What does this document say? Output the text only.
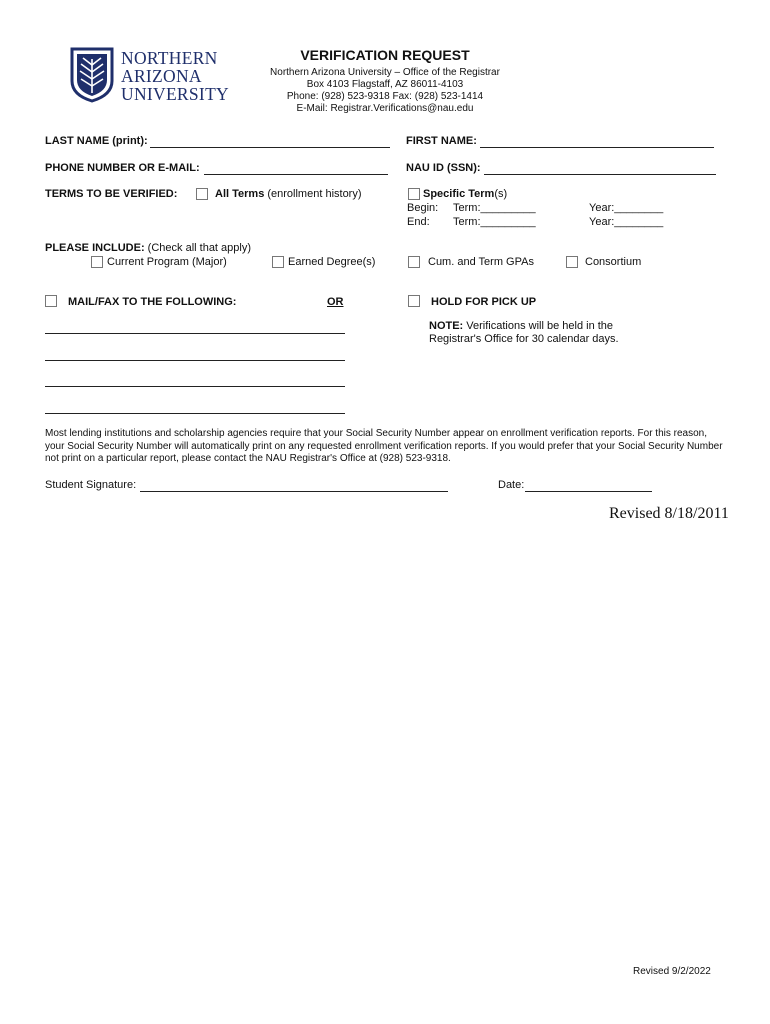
NORTHERN
ARIZONA
UNIVERSITY
VERIFICATION REQUEST
Northern Arizona University – Office of the Registrar
Box 4103 Flagstaff, AZ 86011-4103
Phone: (928) 523-9318 Fax: (928) 523-1414
E-Mail: Registrar.Verifications@nau.edu
LAST NAME (print):	FIRST NAME:
PHONE NUMBER OR E-MAIL:	NAU ID (SSN):
TERMS TO BE VERIFIED:	All Terms (enrollment history)	Specific Term(s)
Begin: Term:_________	Year:________
End: Term:_________	Year:________
PLEASE INCLUDE: (Check all that apply)
Current Program (Major)	Earned Degree(s)	Cum. and Term GPAs	Consortium
MAIL/FAX TO THE FOLLOWING:	OR	HOLD FOR PICK UP
NOTE: Verifications will be held in the
Registrar's Office for 30 calendar days.
Most lending institutions and scholarship agencies require that your Social Security Number appear on enrollment verification reports. For this reason, your Social Security Number will automatically print on any requested enrollment verification reports. If you would prefer that your Social Security Number not print on a particular report, please contact the NAU Registrar's Office at (928) 523-9318.
Student Signature:	Date:
Revised 8/18/2011
Revised 9/2/2022
